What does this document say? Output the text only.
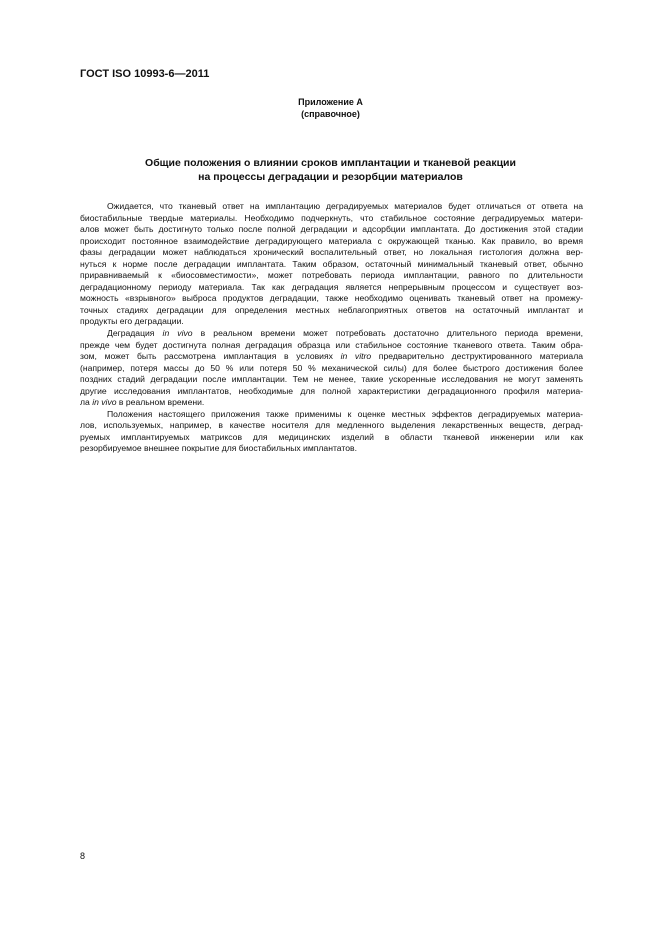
ГОСТ ISO 10993-6—2011
Приложение А
(справочное)
Общие положения о влиянии сроков имплантации и тканевой реакции
на процессы деградации и резорбции материалов
Ожидается, что тканевый ответ на имплантацию деградируемых материалов будет отличаться от ответа на
биостабильные твердые материалы. Необходимо подчеркнуть, что стабильное состояние деградируемых матери-
алов может быть достигнуто только после полной деградации и адсорбции имплантата. До достижения этой стадии
происходит постоянное взаимодействие деградирующего материала с окружающей тканью. Как правило, во время
фазы деградации может наблюдаться хронический воспалительный ответ, но локальная гистология должна вер-
нуться к норме после деградации имплантата. Таким образом, остаточный минимальный тканевый ответ, обычно
приравниваемый к «биосовместимости», может потребовать периода имплантации, равного по длительности
деградационному периоду материала. Так как деградация является непрерывным процессом и существует воз-
можность «взрывного» выброса продуктов деградации, также необходимо оценивать тканевый ответ на промежу-
точных стадиях деградации для определения местных неблагоприятных ответов на остаточный имплантат и
продукты его деградации.
Деградация in vivo в реальном времени может потребовать достаточно длительного периода времени,
прежде чем будет достигнута полная деградация образца или стабильное состояние тканевого ответа. Таким обра-
зом, может быть рассмотрена имплантация в условиях in vitro предварительно деструктированного материала
(например, потеря массы до 50 % или потеря 50 % механической силы) для более быстрого достижения более
поздних стадий деградации после имплантации. Тем не менее, такие ускоренные исследования не могут заменять
другие исследования имплантатов, необходимые для полной характеристики деградационного профиля материа-
ла in vivo в реальном времени.
Положения настоящего приложения также применимы к оценке местных эффектов деградируемых материа-
лов, используемых, например, в качестве носителя для медленного выделения лекарственных веществ, деград-
руемых имплантируемых матриксов для медицинских изделий в области тканевой инженерии или как
резорбируемое внешнее покрытие для биостабильных имплантатов.
8
